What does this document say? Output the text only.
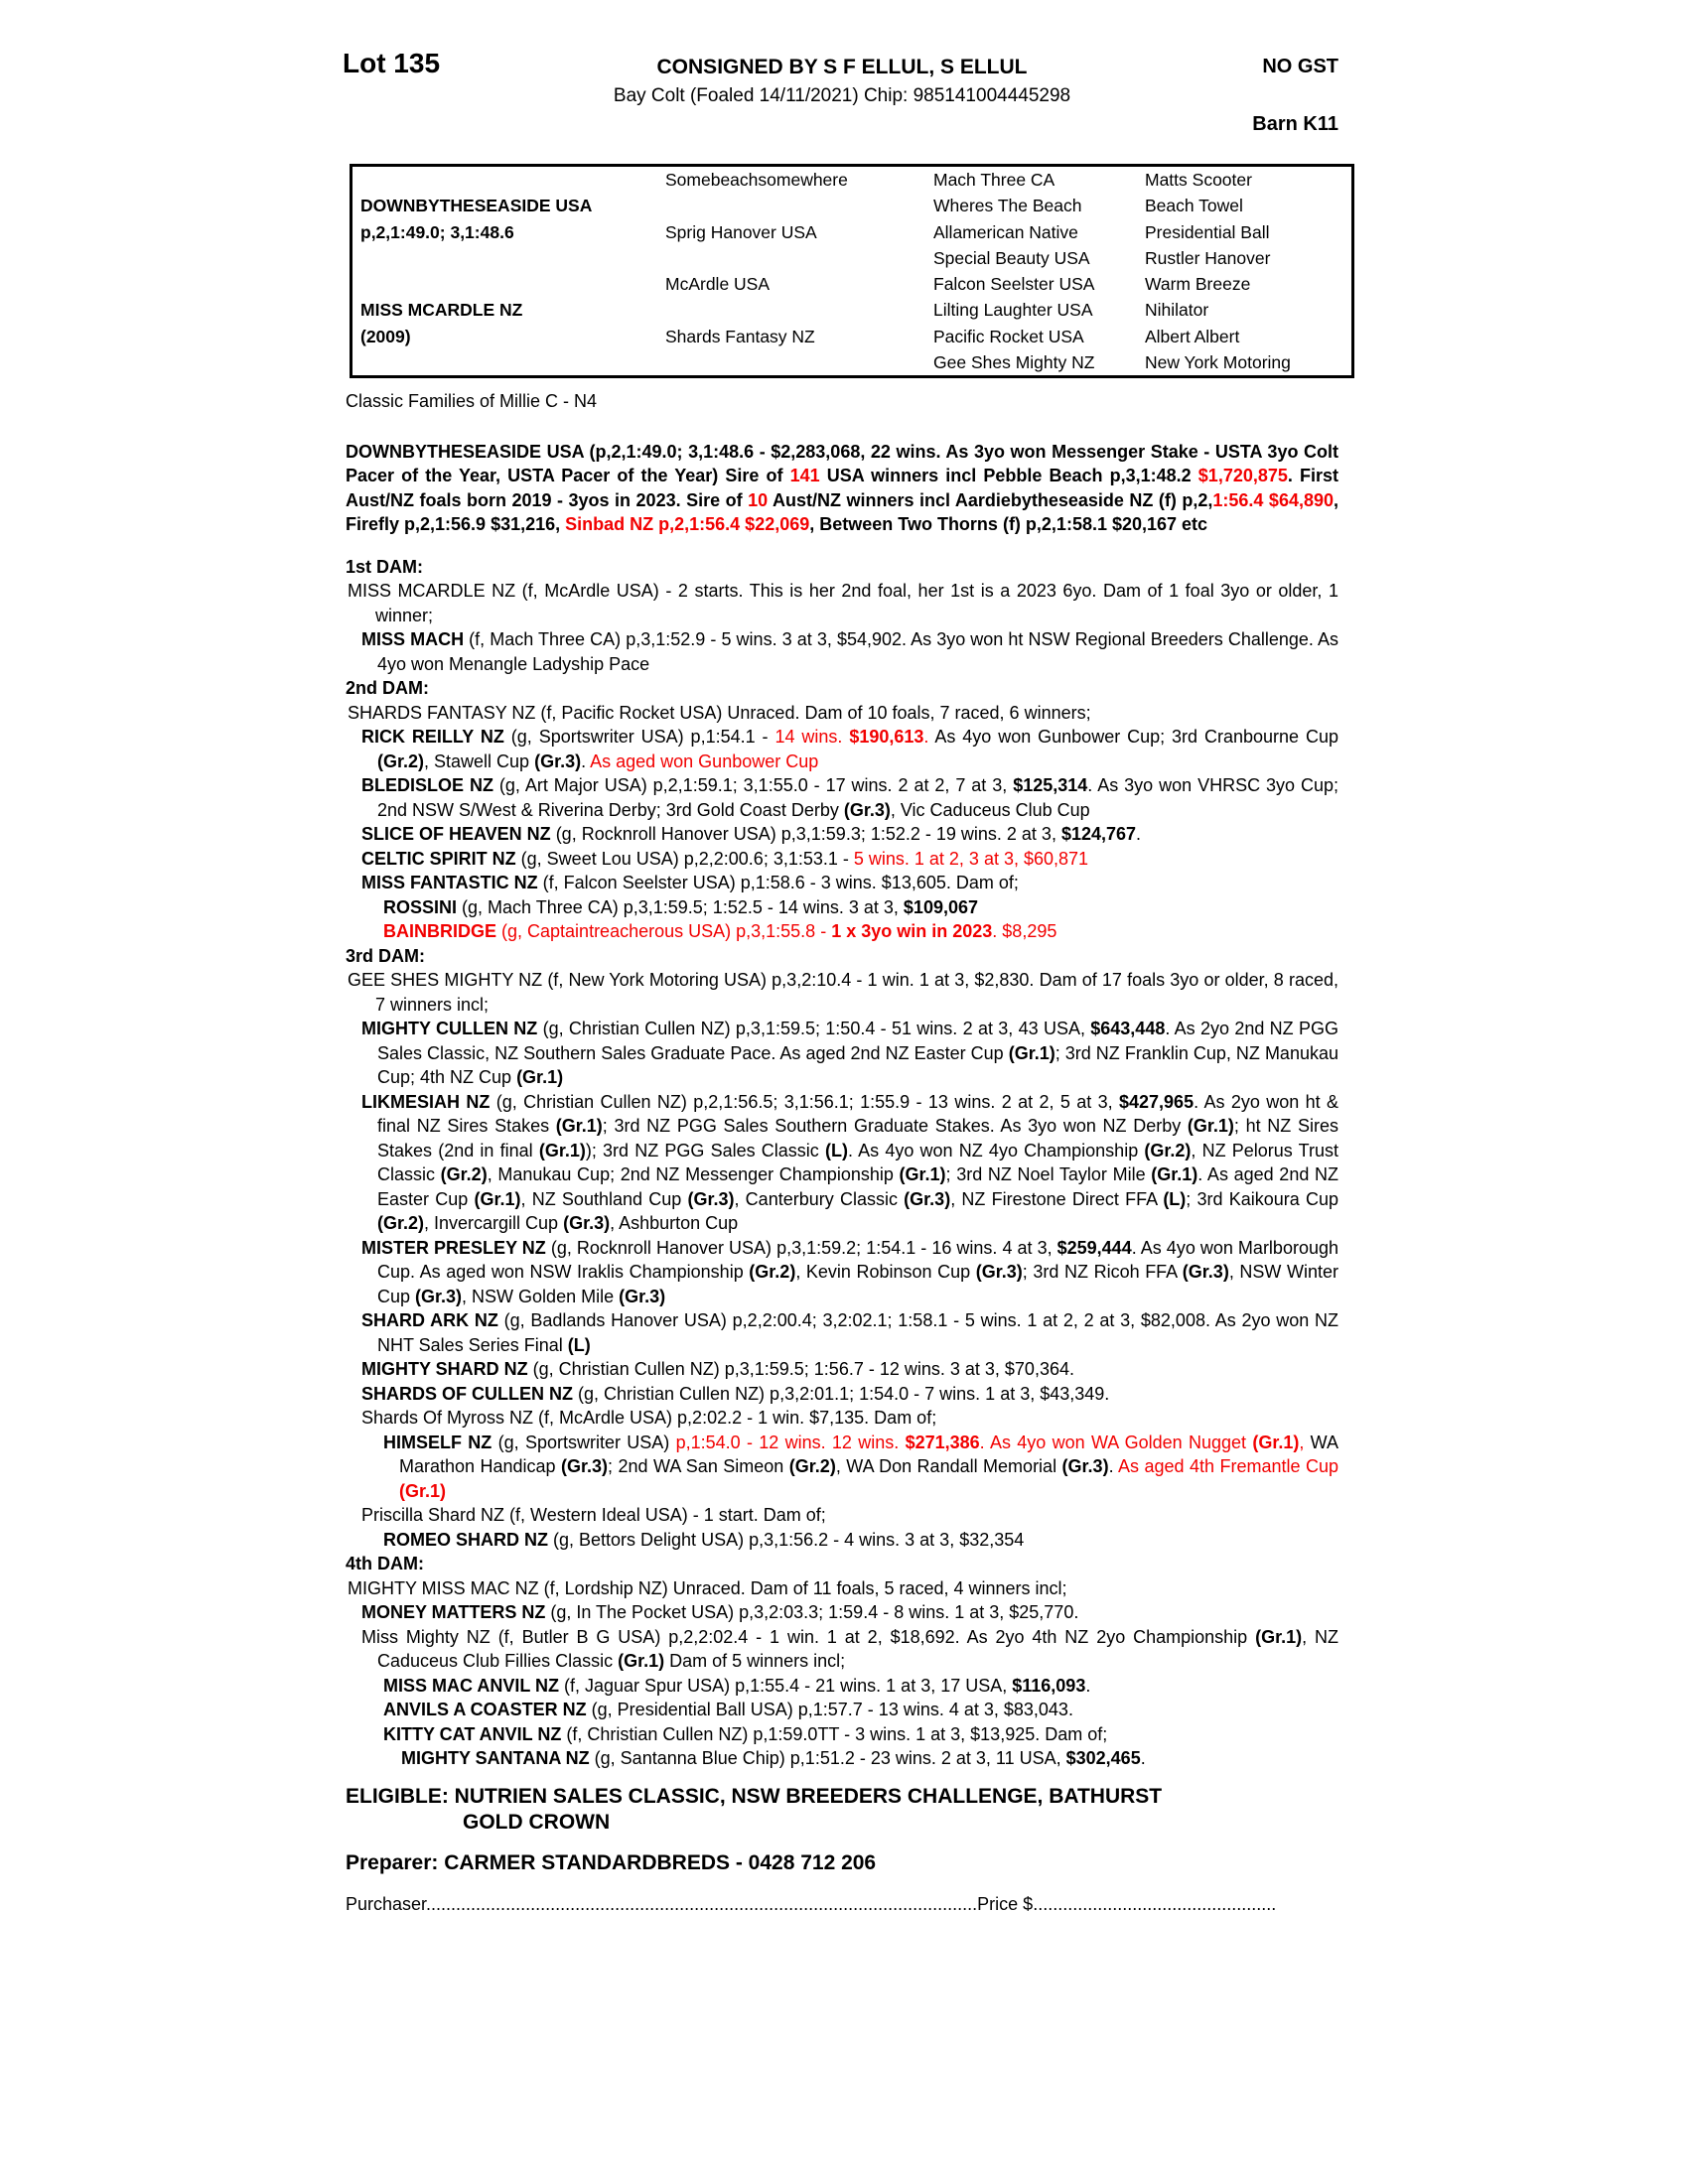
Lot 135	CONSIGNED BY S F ELLUL, S ELLUL	NO GST
Bay Colt (Foaled 14/11/2021) Chip: 985141004445298
Barn K11
	Somebeachsomewhere	Mach Three CA	Matts Scooter
DOWNBYTHESEASIDE USA		Wheres The Beach	Beach Towel
p,2,1:49.0; 3,1:48.6	Sprig Hanover USA	Allamerican Native	Presidential Ball
		Special Beauty USA	Rustler Hanover
	McArdle USA	Falcon Seelster USA	Warm Breeze
MISS MCARDLE NZ		Lilting Laughter USA	Nihilator
(2009)	Shards Fantasy NZ	Pacific Rocket USA	Albert Albert
		Gee Shes Mighty NZ	New York Motoring

Classic Families of Millie C - N4

DOWNBYTHESEASIDE USA (p,2,1:49.0; 3,1:48.6 - $2,283,068, 22 wins. As 3yo won Messenger Stake - USTA 3yo Colt Pacer of the Year, USTA Pacer of the Year) Sire of 141 USA winners incl Pebble Beach p,3,1:48.2 $1,720,875. First Aust/NZ foals born 2019 - 3yos in 2023. Sire of 10 Aust/NZ winners incl Aardiebytheseaside NZ (f) p,2,1:56.4 $64,890, Firefly p,2,1:56.9 $31,216, Sinbad NZ p,2,1:56.4 $22,069, Between Two Thorns (f) p,2,1:58.1 $20,167 etc

1st DAM:

MISS MCARDLE NZ (f, McArdle USA) - 2 starts. This is her 2nd foal, her 1st is a 2023 6yo. Dam of 1 foal 3yo or older, 1 winner;

MISS MACH (f, Mach Three CA) p,3,1:52.9 - 5 wins. 3 at 3, $54,902. As 3yo won ht NSW Regional Breeders Challenge. As 4yo won Menangle Ladyship Pace

2nd DAM:

SHARDS FANTASY NZ (f, Pacific Rocket USA) Unraced. Dam of 10 foals, 7 raced, 6 winners;

RICK REILLY NZ (g, Sportswriter USA) p,1:54.1 - 14 wins. $190,613. As 4yo won Gunbower Cup; 3rd Cranbourne Cup (Gr.2), Stawell Cup (Gr.3). As aged won Gunbower Cup

BLEDISLOE NZ (g, Art Major USA) p,2,1:59.1; 3,1:55.0 - 17 wins. 2 at 2, 7 at 3, $125,314. As 3yo won VHRSC 3yo Cup; 2nd NSW S/West & Riverina Derby; 3rd Gold Coast Derby (Gr.3), Vic Caduceus Club Cup

SLICE OF HEAVEN NZ (g, Rocknroll Hanover USA) p,3,1:59.3; 1:52.2 - 19 wins. 2 at 3, $124,767.

CELTIC SPIRIT NZ (g, Sweet Lou USA) p,2,2:00.6; 3,1:53.1 - 5 wins. 1 at 2, 3 at 3, $60,871

MISS FANTASTIC NZ (f, Falcon Seelster USA) p,1:58.6 - 3 wins. $13,605. Dam of;

ROSSINI (g, Mach Three CA) p,3,1:59.5; 1:52.5 - 14 wins. 3 at 3, $109,067

BAINBRIDGE (g, Captaintreacherous USA) p,3,1:55.8 - 1 x 3yo win in 2023. $8,295

3rd DAM:

GEE SHES MIGHTY NZ (f, New York Motoring USA) p,3,2:10.4 - 1 win. 1 at 3, $2,830. Dam of 17 foals 3yo or older, 8 raced, 7 winners incl;

MIGHTY CULLEN NZ (g, Christian Cullen NZ) p,3,1:59.5; 1:50.4 - 51 wins. 2 at 3, 43 USA, $643,448. As 2yo 2nd NZ PGG Sales Classic, NZ Southern Sales Graduate Pace. As aged 2nd NZ Easter Cup (Gr.1); 3rd NZ Franklin Cup, NZ Manukau Cup; 4th NZ Cup (Gr.1)

LIKMESIAH NZ (g, Christian Cullen NZ) p,2,1:56.5; 3,1:56.1; 1:55.9 - 13 wins. 2 at 2, 5 at 3, $427,965. As 2yo won ht & final NZ Sires Stakes (Gr.1); 3rd NZ PGG Sales Southern Graduate Stakes. As 3yo won NZ Derby (Gr.1); ht NZ Sires Stakes (2nd in final (Gr.1)); 3rd NZ PGG Sales Classic (L). As 4yo won NZ 4yo Championship (Gr.2), NZ Pelorus Trust Classic (Gr.2), Manukau Cup; 2nd NZ Messenger Championship (Gr.1); 3rd NZ Noel Taylor Mile (Gr.1). As aged 2nd NZ Easter Cup (Gr.1), NZ Southland Cup (Gr.3), Canterbury Classic (Gr.3), NZ Firestone Direct FFA (L); 3rd Kaikoura Cup (Gr.2), Invercargill Cup (Gr.3), Ashburton Cup

MISTER PRESLEY NZ (g, Rocknroll Hanover USA) p,3,1:59.2; 1:54.1 - 16 wins. 4 at 3, $259,444. As 4yo won Marlborough Cup. As aged won NSW Iraklis Championship (Gr.2), Kevin Robinson Cup (Gr.3); 3rd NZ Ricoh FFA (Gr.3), NSW Winter Cup (Gr.3), NSW Golden Mile (Gr.3)

SHARD ARK NZ (g, Badlands Hanover USA) p,2,2:00.4; 3,2:02.1; 1:58.1 - 5 wins. 1 at 2, 2 at 3, $82,008. As 2yo won NZ NHT Sales Series Final (L)

MIGHTY SHARD NZ (g, Christian Cullen NZ) p,3,1:59.5; 1:56.7 - 12 wins. 3 at 3, $70,364.

SHARDS OF CULLEN NZ (g, Christian Cullen NZ) p,3,2:01.1; 1:54.0 - 7 wins. 1 at 3, $43,349.

Shards Of Myross NZ (f, McArdle USA) p,2:02.2 - 1 win. $7,135. Dam of;

HIMSELF NZ (g, Sportswriter USA) p,1:54.0 - 12 wins. 12 wins. $271,386. As 4yo won WA Golden Nugget (Gr.1), WA Marathon Handicap (Gr.3); 2nd WA San Simeon (Gr.2), WA Don Randall Memorial (Gr.3). As aged 4th Fremantle Cup (Gr.1)

Priscilla Shard NZ (f, Western Ideal USA) - 1 start. Dam of;

ROMEO SHARD NZ (g, Bettors Delight USA) p,3,1:56.2 - 4 wins. 3 at 3, $32,354

4th DAM:

MIGHTY MISS MAC NZ (f, Lordship NZ) Unraced. Dam of 11 foals, 5 raced, 4 winners incl;

MONEY MATTERS NZ (g, In The Pocket USA) p,3,2:03.3; 1:59.4 - 8 wins. 1 at 3, $25,770.

Miss Mighty NZ (f, Butler B G USA) p,2,2:02.4 - 1 win. 1 at 2, $18,692. As 2yo 4th NZ 2yo Championship (Gr.1), NZ Caduceus Club Fillies Classic (Gr.1) Dam of 5 winners incl;

MISS MAC ANVIL NZ (f, Jaguar Spur USA) p,1:55.4 - 21 wins. 1 at 3, 17 USA, $116,093.

ANVILS A COASTER NZ (g, Presidential Ball USA) p,1:57.7 - 13 wins. 4 at 3, $83,043.

KITTY CAT ANVIL NZ (f, Christian Cullen NZ) p,1:59.0TT - 3 wins. 1 at 3, $13,925. Dam of;

MIGHTY SANTANA NZ (g, Santanna Blue Chip) p,1:51.2 - 23 wins. 2 at 3, 11 USA, $302,465.

ELIGIBLE: NUTRIEN SALES CLASSIC, NSW BREEDERS CHALLENGE, BATHURST

GOLD CROWN

Preparer: CARMER STANDARDBREDS - 0428 712 206

Purchaser...............................................................................................................Price $.................................................
